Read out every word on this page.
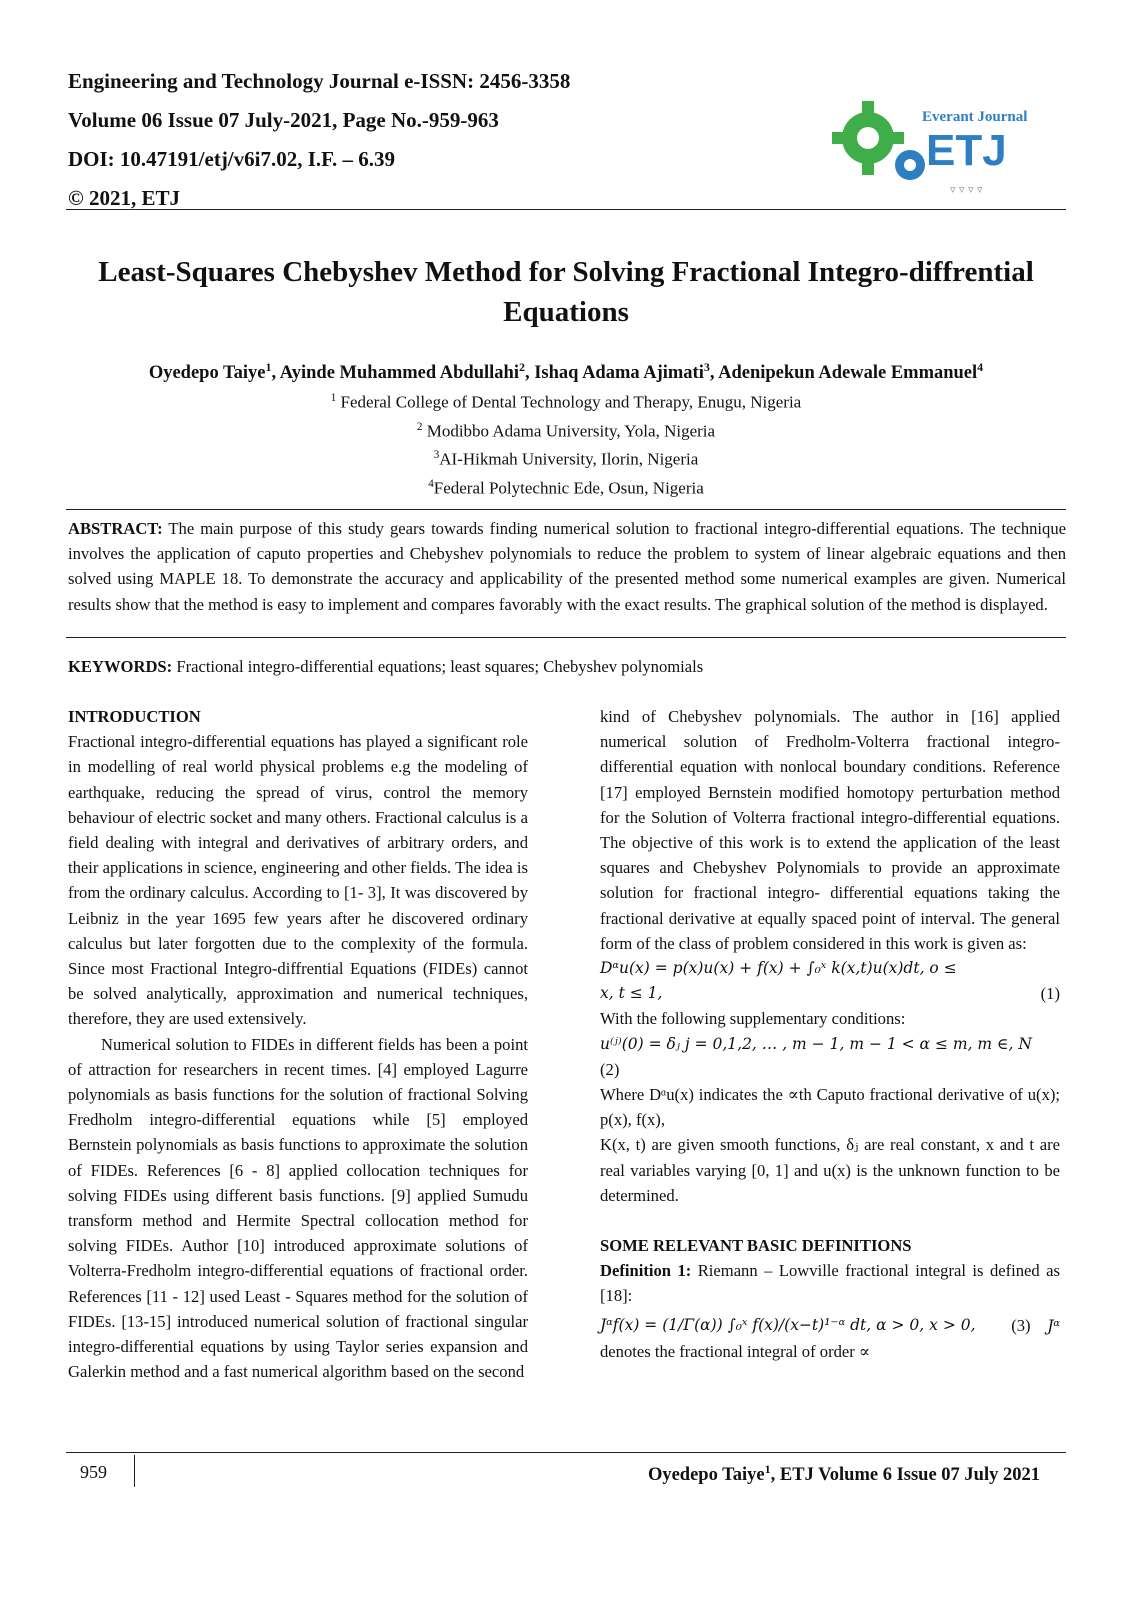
Engineering and Technology Journal e-ISSN: 2456-3358
Volume 06 Issue 07 July-2021, Page No.-959-963
DOI: 10.47191/etj/v6i7.02, I.F. – 6.39
© 2021, ETJ
Everant Journal
ETJ
▿ ▿ ▿ ▿
Least-Squares Chebyshev Method for Solving Fractional Integro-diffrential Equations
Oyedepo Taiye$^1$, Ayinde Muhammed Abdullahi$^2$, Ishaq Adama Ajimati$^3$, Adenipekun Adewale Emmanuel$^4$
$^1$ Federal College of Dental Technology and Therapy, Enugu, Nigeria
$^2$ Modibbo Adama University, Yola, Nigeria
$^3$AI-Hikmah University, Ilorin, Nigeria
$^4$Federal Polytechnic Ede, Osun, Nigeria
ABSTRACT: The main purpose of this study gears towards finding numerical solution to fractional integro-differential equations. The technique involves the application of caputo properties and Chebyshev polynomials to reduce the problem to system of linear algebraic equations and then solved using MAPLE 18. To demonstrate the accuracy and applicability of the presented method some numerical examples are given. Numerical results show that the method is easy to implement and compares favorably with the exact results. The graphical solution of the method is displayed.
KEYWORDS: Fractional integro-differential equations; least squares; Chebyshev polynomials

INTRODUCTION

Fractional integro-differential equations has played a significant role in modelling of real world physical problems e.g the modeling of earthquake, reducing the spread of virus, control the memory behaviour of electric socket and many others. Fractional calculus is a field dealing with integral and derivatives of arbitrary orders, and their applications in science, engineering and other fields. The idea is from the ordinary calculus. According to [1- 3], It was discovered by Leibniz in the year 1695 few years after he discovered ordinary calculus but later forgotten due to the complexity of the formula. Since most Fractional Integro-diffrential Equations (FIDEs) cannot be solved analytically, approximation and numerical techniques, therefore, they are used extensively.

Numerical solution to FIDEs in different fields has been a point of attraction for researchers in recent times. [4] employed Lagurre polynomials as basis functions for the solution of fractional Solving Fredholm integro-differential equations while [5] employed Bernstein polynomials as basis functions to approximate the solution of FIDEs. References [6 - 8] applied collocation techniques for solving FIDEs using different basis functions. [9] applied Sumudu transform method and Hermite Spectral collocation method for solving FIDEs. Author [10] introduced approximate solutions of Volterra-Fredholm integro-differential equations of fractional order. References [11 - 12] used Least - Squares method for the solution of FIDEs. [13-15] introduced numerical solution of fractional singular integro-differential equations by using Taylor series expansion and Galerkin method and a fast numerical algorithm based on the second

kind of Chebyshev polynomials. The author in [16] applied numerical solution of Fredholm-Volterra fractional integro-differential equation with nonlocal boundary conditions. Reference [17] employed Bernstein modified homotopy perturbation method for the Solution of Volterra fractional integro-differential equations. The objective of this work is to extend the application of the least squares and Chebyshev Polynomials to provide an approximate solution for fractional integro- differential equations taking the fractional derivative at equally spaced point of interval. The general form of the class of problem considered in this work is given as:

Dᵅu(x) = p(x)u(x) + f(x) + ∫₀ˣ k(x,t)u(x)dt, o ≤

x, t ≤ 1,	(1)

With the following supplementary conditions:

u⁽ʲ⁾(0) = δⱼ j = 0,1,2, … , m − 1, m − 1 < α ≤ m, m ∈, N

(2)

Where Dᵅu(x) indicates the ∝th Caputo fractional derivative of u(x); p(x), f(x),

K(x, t) are given smooth functions, δⱼ are real constant, x and t are real variables varying [0, 1] and u(x) is the unknown function to be determined.

SOME RELEVANT BASIC DEFINITIONS

Definition 1: Riemann – Lowville fractional integral is defined as [18]:

Jᵅf(x) = (1/Γ(α)) ∫₀ˣ f(x)/(x−t)¹⁻ᵅ dt, α > 0, x > 0, (3) Jᵅ

denotes the fractional integral of order ∝

959	Oyedepo Taiye$^1$, ETJ Volume 6 Issue 07 July 2021
